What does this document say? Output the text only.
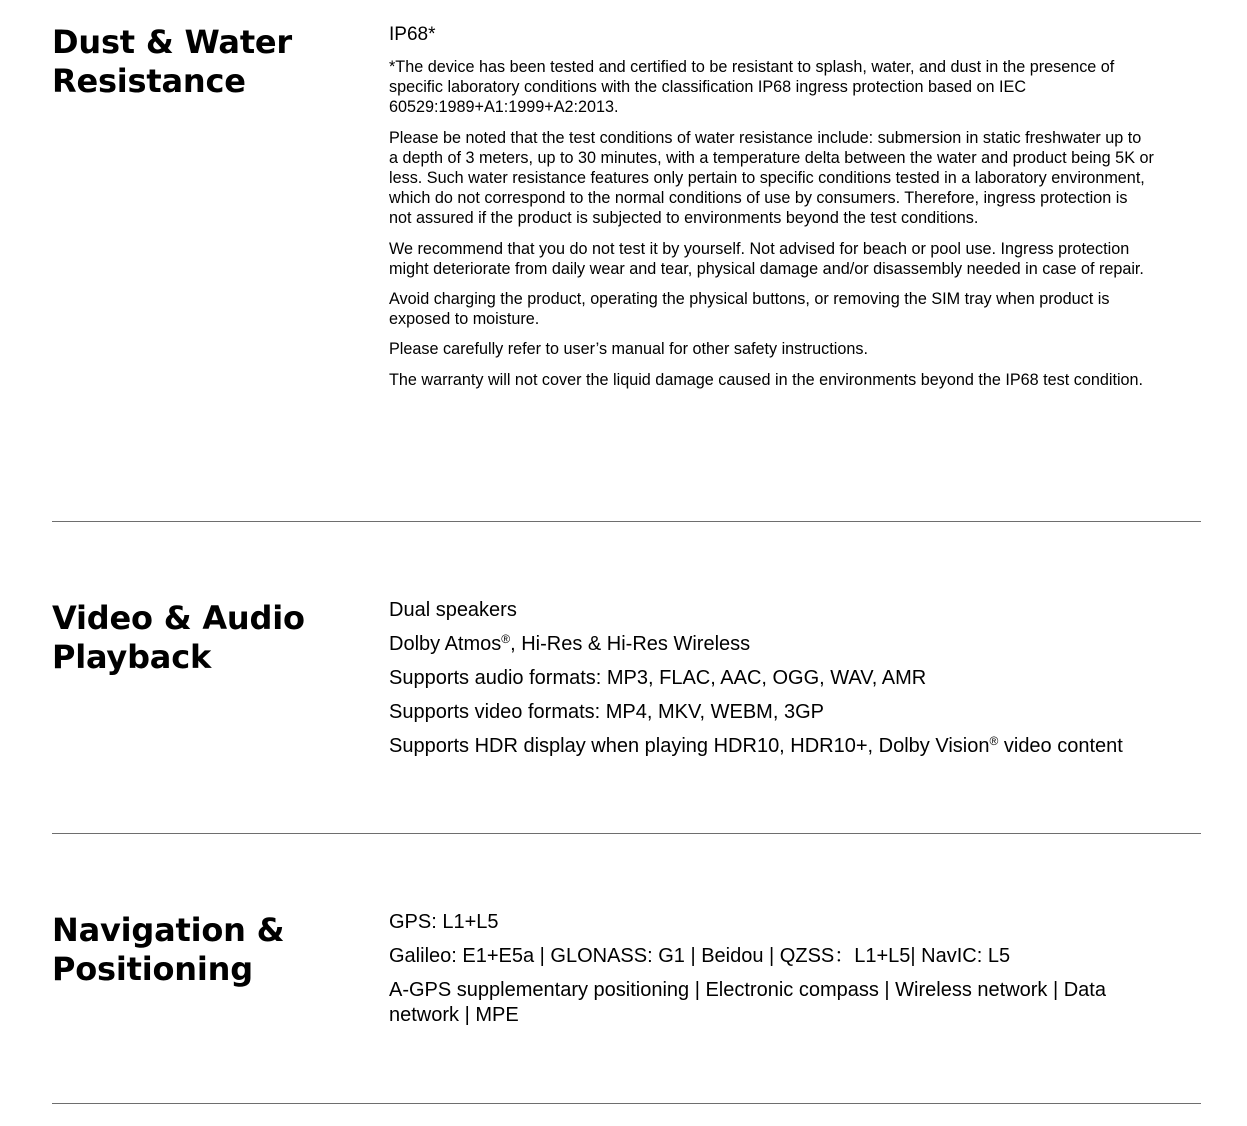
Dust & Water Resistance

IP68*

*The device has been tested and certified to be resistant to splash, water, and dust in the presence of specific laboratory conditions with the classification IP68 ingress protection based on IEC 60529:1989+A1:1999+A2:2013.

Please be noted that the test conditions of water resistance include: submersion in static freshwater up to a depth of 3 meters, up to 30 minutes, with a temperature delta between the water and product being 5K or less. Such water resistance features only pertain to specific conditions tested in a laboratory environment, which do not correspond to the normal conditions of use by consumers. Therefore, ingress protection is not assured if the product is subjected to environments beyond the test conditions.

We recommend that you do not test it by yourself. Not advised for beach or pool use. Ingress protection might deteriorate from daily wear and tear, physical damage and/or disassembly needed in case of repair.

Avoid charging the product, operating the physical buttons, or removing the SIM tray when product is exposed to moisture.

Please carefully refer to user’s manual for other safety instructions.

The warranty will not cover the liquid damage caused in the environments beyond the IP68 test condition.

Video & Audio Playback

Dual speakers

Dolby Atmos®, Hi-Res & Hi-Res Wireless

Supports audio formats: MP3, FLAC, AAC, OGG, WAV, AMR

Supports video formats: MP4, MKV, WEBM, 3GP

Supports HDR display when playing HDR10, HDR10+, Dolby Vision® video content

Navigation & Positioning

GPS: L1+L5

Galileo: E1+E5a | GLONASS: G1 | Beidou | QZSS：L1+L5| NavIC: L5

A-GPS supplementary positioning | Electronic compass | Wireless network | Data network | MPE
